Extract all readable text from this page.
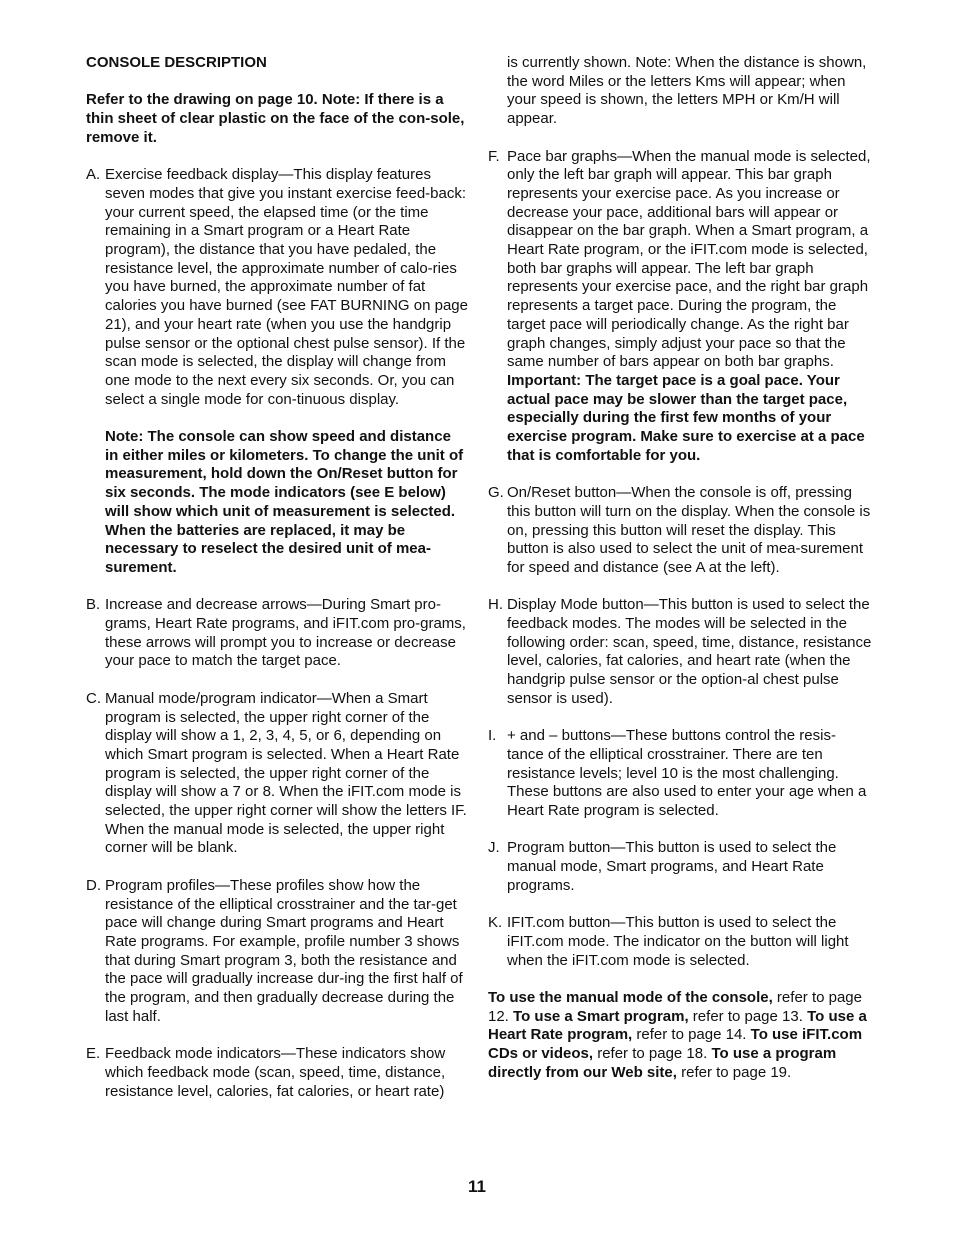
CONSOLE DESCRIPTION

Refer to the drawing on page 10. Note: If there is a thin sheet of clear plastic on the face of the con-sole, remove it.

A. Exercise feedback display—This display features seven modes that give you instant exercise feed-back: your current speed, the elapsed time (or the time remaining in a Smart program or a Heart Rate program), the distance that you have pedaled, the resistance level, the approximate number of calo-ries you have burned, the approximate number of fat calories you have burned (see FAT BURNING on page 21), and your heart rate (when you use the handgrip pulse sensor or the optional chest pulse sensor). If the scan mode is selected, the display will change from one mode to the next every six seconds. Or, you can select a single mode for con-tinuous display.

Note: The console can show speed and distance in either miles or kilometers. To change the unit of measurement, hold down the On/Reset button for six seconds. The mode indicators (see E below) will show which unit of measurement is selected. When the batteries are replaced, it may be necessary to reselect the desired unit of mea-surement.

B. Increase and decrease arrows—During Smart pro-grams, Heart Rate programs, and iFIT.com pro-grams, these arrows will prompt you to increase or decrease your pace to match the target pace.
C. Manual mode/program indicator—When a Smart program is selected, the upper right corner of the display will show a 1, 2, 3, 4, 5, or 6, depending on which Smart program is selected. When a Heart Rate program is selected, the upper right corner of the display will show a 7 or 8. When the iFIT.com mode is selected, the upper right corner will show the letters IF. When the manual mode is selected, the upper right corner will be blank.
D. Program profiles—These profiles show how the resistance of the elliptical crosstrainer and the tar-get pace will change during Smart programs and Heart Rate programs. For example, profile number 3 shows that during Smart program 3, both the resistance and the pace will gradually increase dur-ing the first half of the program, and then gradually decrease during the last half.
E. Feedback mode indicators—These indicators show which feedback mode (scan, speed, time, distance, resistance level, calories, fat calories, or heart rate)

is currently shown. Note: When the distance is shown, the word Miles or the letters Kms will appear; when your speed is shown, the letters MPH or Km/H will appear.

F. Pace bar graphs—When the manual mode is selected, only the left bar graph will appear. This bar graph represents your exercise pace. As you increase or decrease your pace, additional bars will appear or disappear on the bar graph. When a Smart program, a Heart Rate program, or the iFIT.com mode is selected, both bar graphs will appear. The left bar graph represents your exercise pace, and the right bar graph represents a target pace. During the program, the target pace will periodically change. As the right bar graph changes, simply adjust your pace so that the same number of bars appear on both bar graphs. Important: The target pace is a goal pace. Your actual pace may be slower than the target pace, especially during the first few months of your exercise program. Make sure to exercise at a pace that is comfortable for you.
G. On/Reset button—When the console is off, pressing this button will turn on the display. When the console is on, pressing this button will reset the display. This button is also used to select the unit of mea-surement for speed and distance (see A at the left).
H. Display Mode button—This button is used to select the feedback modes. The modes will be selected in the following order: scan, speed, time, distance, resistance level, calories, fat calories, and heart rate (when the handgrip pulse sensor or the option-al chest pulse sensor is used).
I. + and – buttons—These buttons control the resis-tance of the elliptical crosstrainer. There are ten resistance levels; level 10 is the most challenging. These buttons are also used to enter your age when a Heart Rate program is selected.
J. Program button—This button is used to select the manual mode, Smart programs, and Heart Rate programs.
K. IFIT.com button—This button is used to select the iFIT.com mode. The indicator on the button will light when the iFIT.com mode is selected.

To use the manual mode of the console, refer to page 12. To use a Smart program, refer to page 13. To use a Heart Rate program, refer to page 14. To use iFIT.com CDs or videos, refer to page 18. To use a program directly from our Web site, refer to page 19.

11
